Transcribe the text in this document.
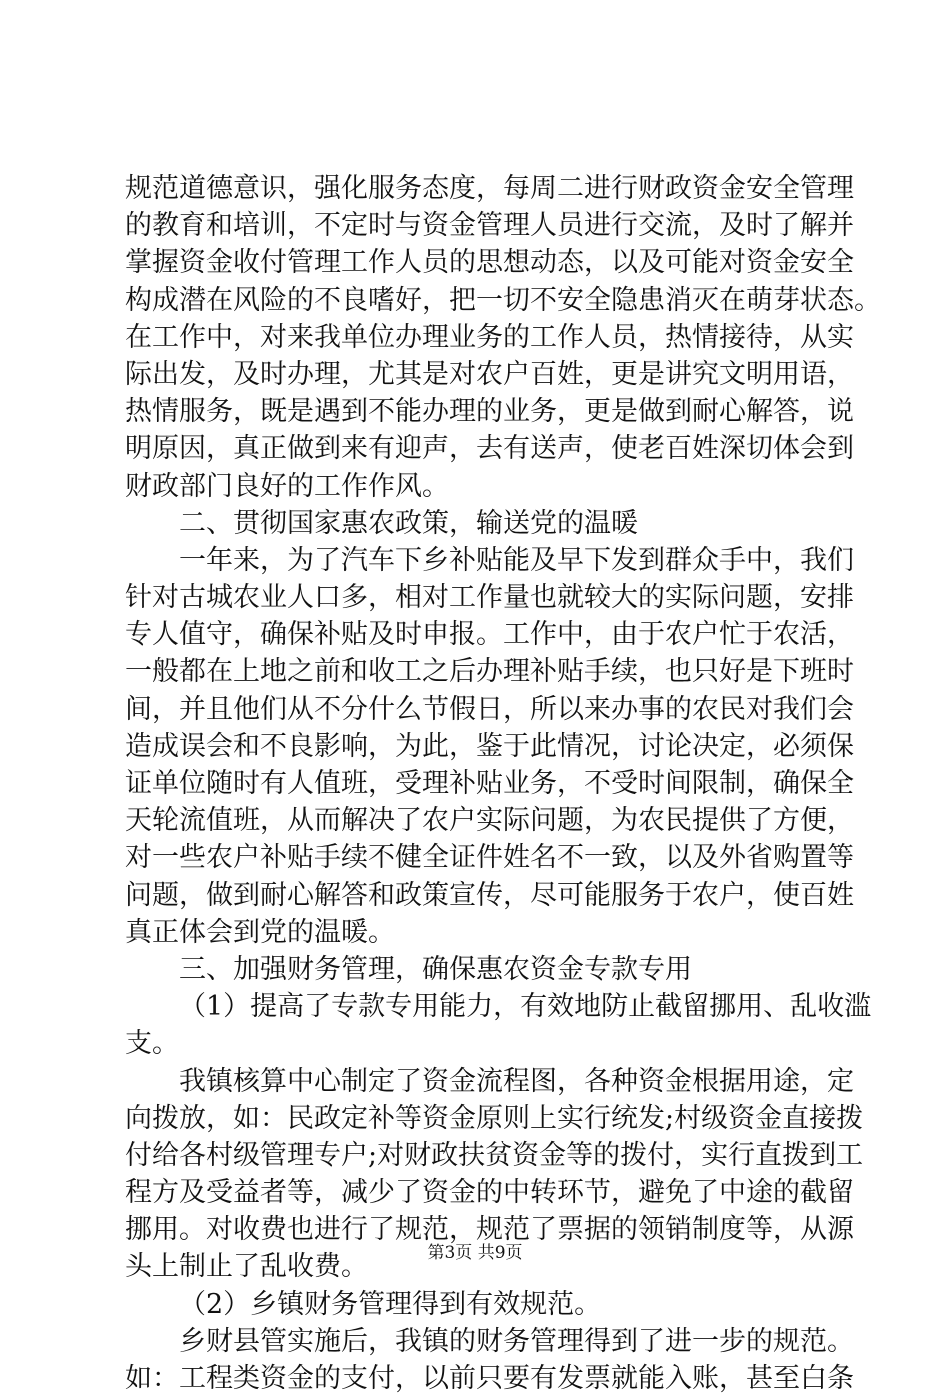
规范道德意识，强化服务态度，每周二进行财政资金安全管理
的教育和培训，不定时与资金管理人员进行交流，及时了解并
掌握资金收付管理工作人员的思想动态，以及可能对资金安全
构成潜在风险的不良嗜好，把一切不安全隐患消灭在萌芽状态。
在工作中，对来我单位办理业务的工作人员，热情接待，从实
际出发，及时办理，尤其是对农户百姓，更是讲究文明用语，
热情服务，既是遇到不能办理的业务，更是做到耐心解答，说
明原因，真正做到来有迎声，去有送声，使老百姓深切体会到
财政部门良好的工作作风。
二、贯彻国家惠农政策，输送党的温暖
一年来，为了汽车下乡补贴能及早下发到群众手中，我们
针对古城农业人口多，相对工作量也就较大的实际问题，安排
专人值守，确保补贴及时申报。工作中，由于农户忙于农活，
一般都在上地之前和收工之后办理补贴手续，也只好是下班时
间，并且他们从不分什么节假日，所以来办事的农民对我们会
造成误会和不良影响，为此，鉴于此情况，讨论决定，必须保
证单位随时有人值班，受理补贴业务，不受时间限制，确保全
天轮流值班，从而解决了农户实际问题，为农民提供了方便，
对一些农户补贴手续不健全证件姓名不一致，以及外省购置等
问题，做到耐心解答和政策宣传，尽可能服务于农户，使百姓
真正体会到党的温暖。
三、加强财务管理，确保惠农资金专款专用
（1）提高了专款专用能力，有效地防止截留挪用、乱收滥
支。
我镇核算中心制定了资金流程图，各种资金根据用途，定
向拨放，如：民政定补等资金原则上实行统发;村级资金直接拨
付给各村级管理专户;对财政扶贫资金等的拨付，实行直拨到工
程方及受益者等，减少了资金的中转环节，避免了中途的截留
挪用。对收费也进行了规范，规范了票据的领销制度等，从源
头上制止了乱收费。
（2）乡镇财务管理得到有效规范。
乡财县管实施后，我镇的财务管理得到了进一步的规范。
如：工程类资金的支付，以前只要有发票就能入账，甚至白条
第3页 共9页
